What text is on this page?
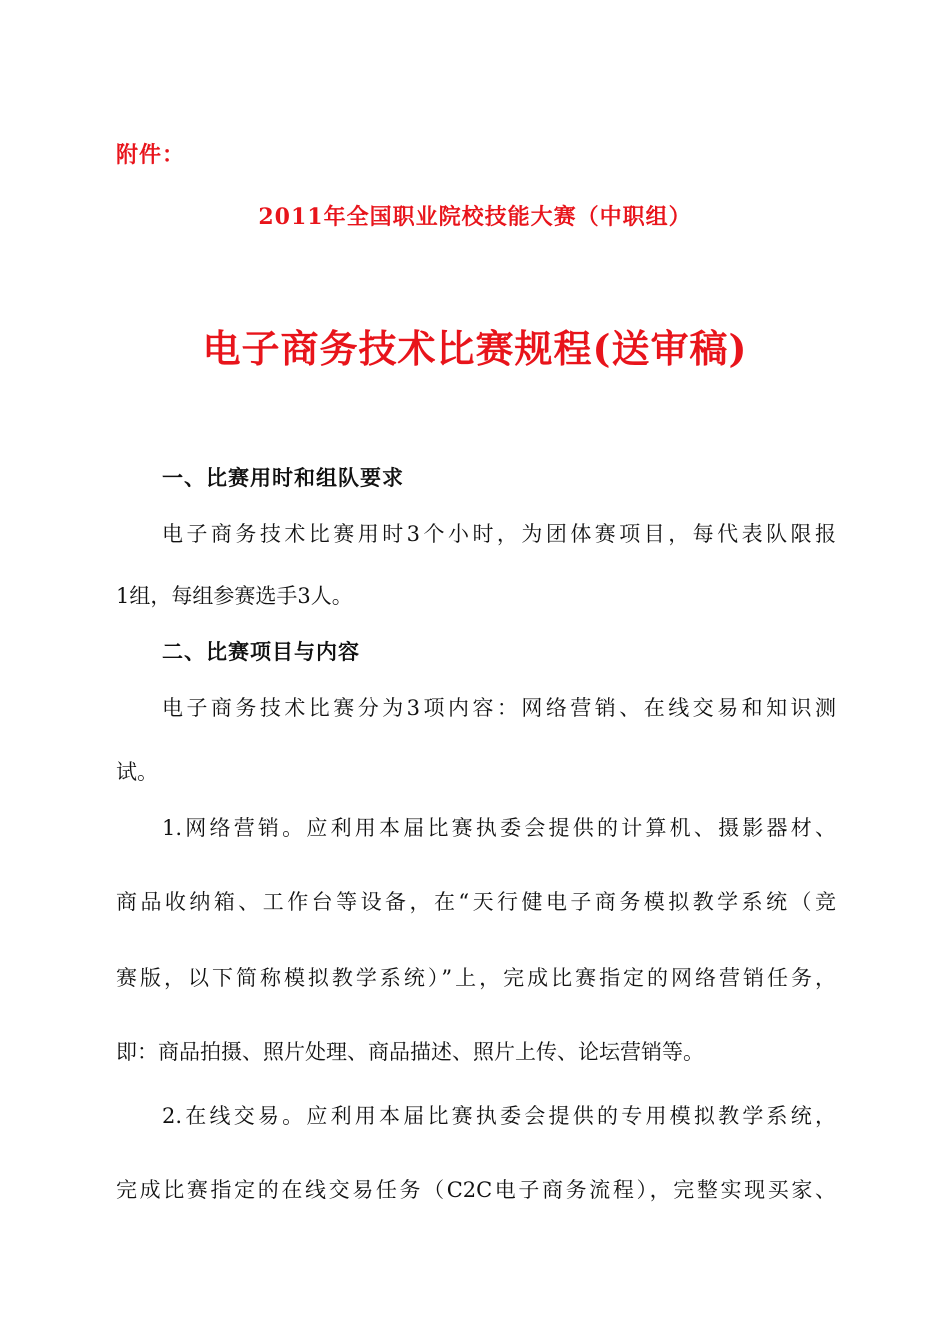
附件：
2011年全国职业院校技能大赛（中职组）
电子商务技术比赛规程(送审稿)
一、比赛用时和组队要求
电子商务技术比赛用时3个小时，为团体赛项目，每代表队限报
1组，每组参赛选手3人。
二、比赛项目与内容
电子商务技术比赛分为3项内容：网络营销、在线交易和知识测
试。
1.网络营销。应利用本届比赛执委会提供的计算机、摄影器材、
商品收纳箱、工作台等设备，在“天行健电子商务模拟教学系统（竞
赛版，以下简称模拟教学系统）”上，完成比赛指定的网络营销任务，
即：商品拍摄、照片处理、商品描述、照片上传、论坛营销等。
2.在线交易。应利用本届比赛执委会提供的专用模拟教学系统，
完成比赛指定的在线交易任务（C2C电子商务流程），完整实现买家、
